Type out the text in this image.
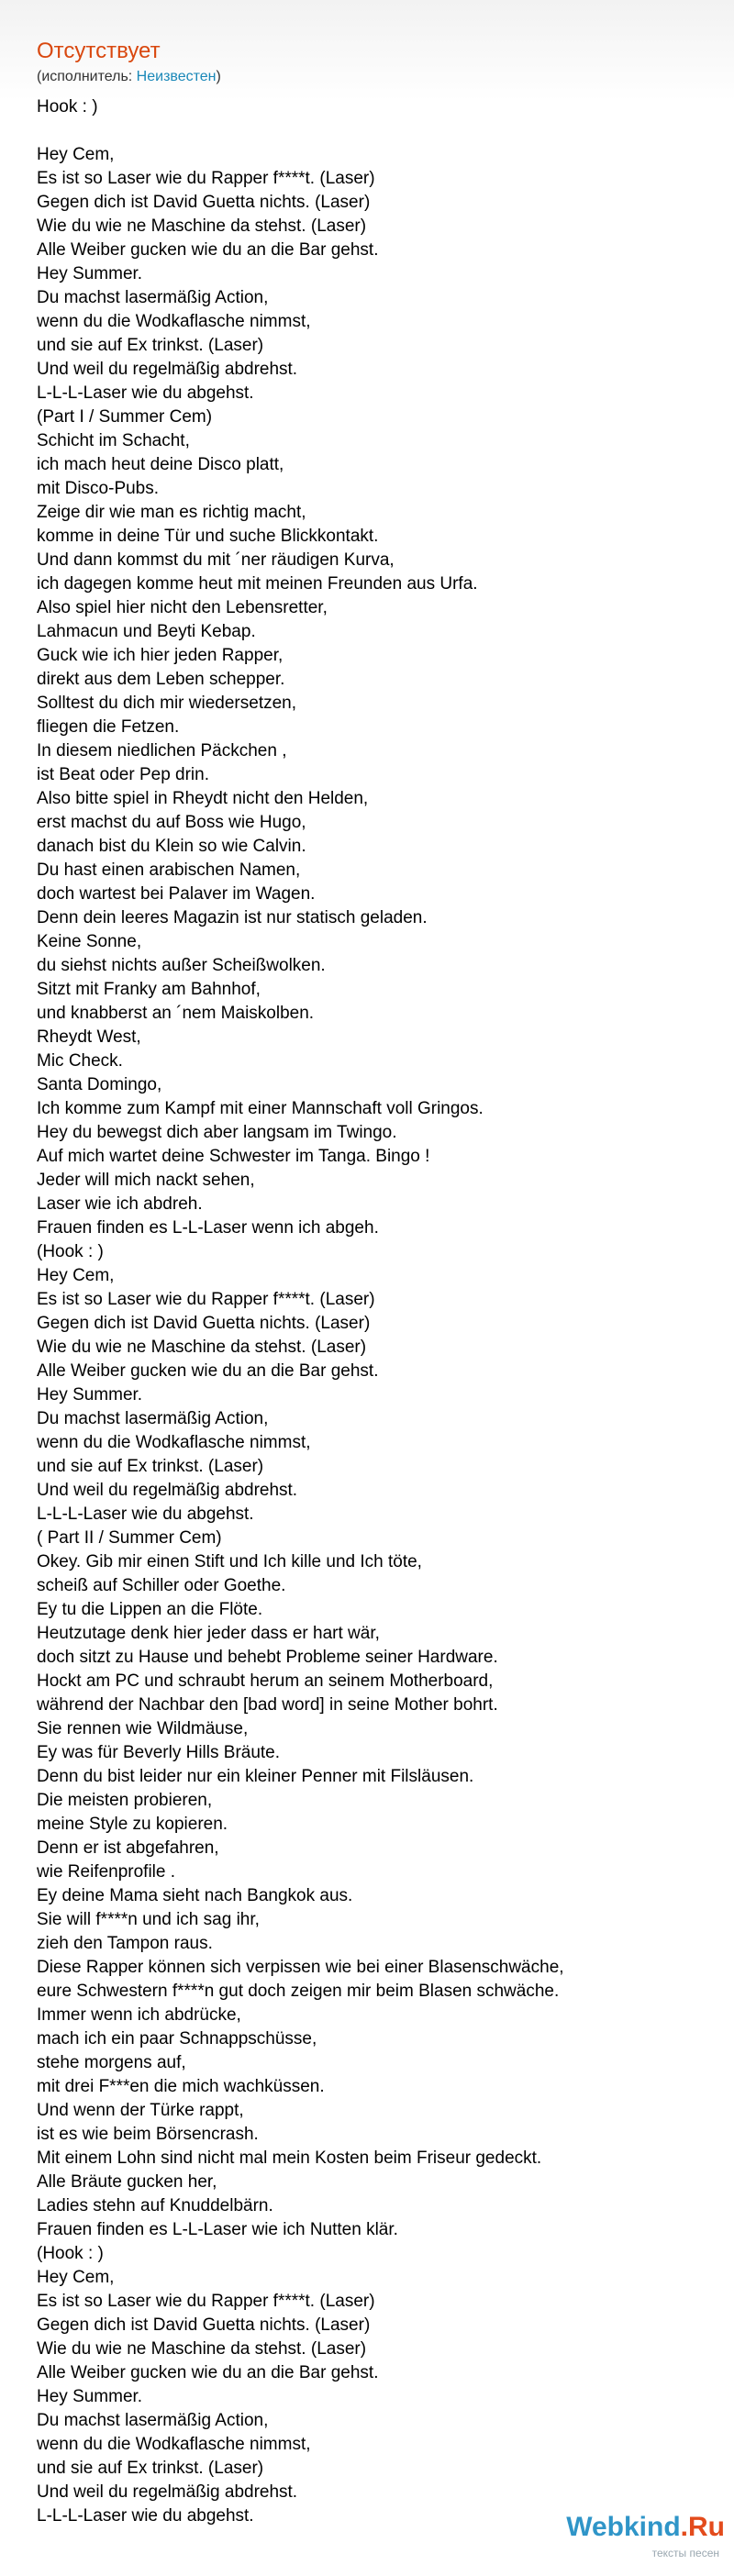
Отсутствует
(исполнитель: Неизвестен)
Hook : )
Hey Cem,
Es ist so Laser wie du Rapper f****t. (Laser)
Gegen dich ist David Guetta nichts. (Laser)
Wie du wie ne Maschine da stehst. (Laser)
Alle Weiber gucken wie du an die Bar gehst.
Hey Summer.
Du machst lasermäßig Action,
wenn du die Wodkaflasche nimmst,
und sie auf Ex trinkst. (Laser)
Und weil du regelmäßig abdrehst.
L-L-L-Laser wie du abgehst.
(Part I / Summer Cem)
Schicht im Schacht,
ich mach heut deine Disco platt,
mit Disco-Pubs.
Zeige dir wie man es richtig macht,
komme in deine Tür und suche Blickkontakt.
Und dann kommst du mit ´ner räudigen Kurva,
ich dagegen komme heut mit meinen Freunden aus Urfa.
Also spiel hier nicht den Lebensretter,
Lahmacun und Beyti Kebap.
Guck wie ich hier jeden Rapper,
direkt aus dem Leben schepper.
Solltest du dich mir wiedersetzen,
fliegen die Fetzen.
In diesem niedlichen Päckchen ,
ist Beat oder Pep drin.
Also bitte spiel in Rheydt nicht den Helden,
erst machst du auf Boss wie Hugo,
danach bist du Klein so wie Calvin.
Du hast einen arabischen Namen,
doch wartest bei Palaver im Wagen.
Denn dein leeres Magazin ist nur statisch geladen.
Keine Sonne,
du siehst nichts außer Scheißwolken.
Sitzt mit Franky am Bahnhof,
und knabberst an ´nem Maiskolben.
Rheydt West,
Mic Check.
Santa Domingo,
Ich komme zum Kampf mit einer Mannschaft voll Gringos.
Hey du bewegst dich aber langsam im Twingo.
Auf mich wartet deine Schwester im Tanga. Bingo !
Jeder will mich nackt sehen,
Laser wie ich abdreh.
Frauen finden es L-L-Laser wenn ich abgeh.
(Hook : )
Hey Cem,
Es ist so Laser wie du Rapper f****t. (Laser)
Gegen dich ist David Guetta nichts. (Laser)
Wie du wie ne Maschine da stehst. (Laser)
Alle Weiber gucken wie du an die Bar gehst.
Hey Summer.
Du machst lasermäßig Action,
wenn du die Wodkaflasche nimmst,
und sie auf Ex trinkst. (Laser)
Und weil du regelmäßig abdrehst.
L-L-L-Laser wie du abgehst.
( Part II / Summer Cem)
Okey. Gib mir einen Stift und Ich kille und Ich töte,
scheiß auf Schiller oder Goethe.
Ey tu die Lippen an die Flöte.
Heutzutage denk hier jeder dass er hart wär,
doch sitzt zu Hause und behebt Probleme seiner Hardware.
Hockt am PC und schraubt herum an seinem Motherboard,
während der Nachbar den [bad word] in seine Mother bohrt.
Sie rennen wie Wildmäuse,
Ey was für Beverly Hills Bräute.
Denn du bist leider nur ein kleiner Penner mit Filsläusen.
Die meisten probieren,
meine Style zu kopieren.
Denn er ist abgefahren,
wie Reifenprofile .
Ey deine Mama sieht nach Bangkok aus.
Sie will f****n und ich sag ihr,
zieh den Tampon raus.
Diese Rapper können sich verpissen wie bei einer Blasenschwäche,
eure Schwestern f****n gut doch zeigen mir beim Blasen schwäche.
Immer wenn ich abdrücke,
mach ich ein paar Schnappschüsse,
stehe morgens auf,
mit drei F***en die mich wachküssen.
Und wenn der Türke rappt,
ist es wie beim Börsencrash.
Mit einem Lohn sind nicht mal mein Kosten beim Friseur gedeckt.
Alle Bräute gucken her,
Ladies stehn auf Knuddelbärn.
Frauen finden es L-L-Laser wie ich Nutten klär.
(Hook : )
Hey Cem,
Es ist so Laser wie du Rapper f****t. (Laser)
Gegen dich ist David Guetta nichts. (Laser)
Wie du wie ne Maschine da stehst. (Laser)
Alle Weiber gucken wie du an die Bar gehst.
Hey Summer.
Du machst lasermäßig Action,
wenn du die Wodkaflasche nimmst,
und sie auf Ex trinkst. (Laser)
Und weil du regelmäßig abdrehst.
L-L-L-Laser wie du abgehst.	Webkind.Ru
тексты песен
